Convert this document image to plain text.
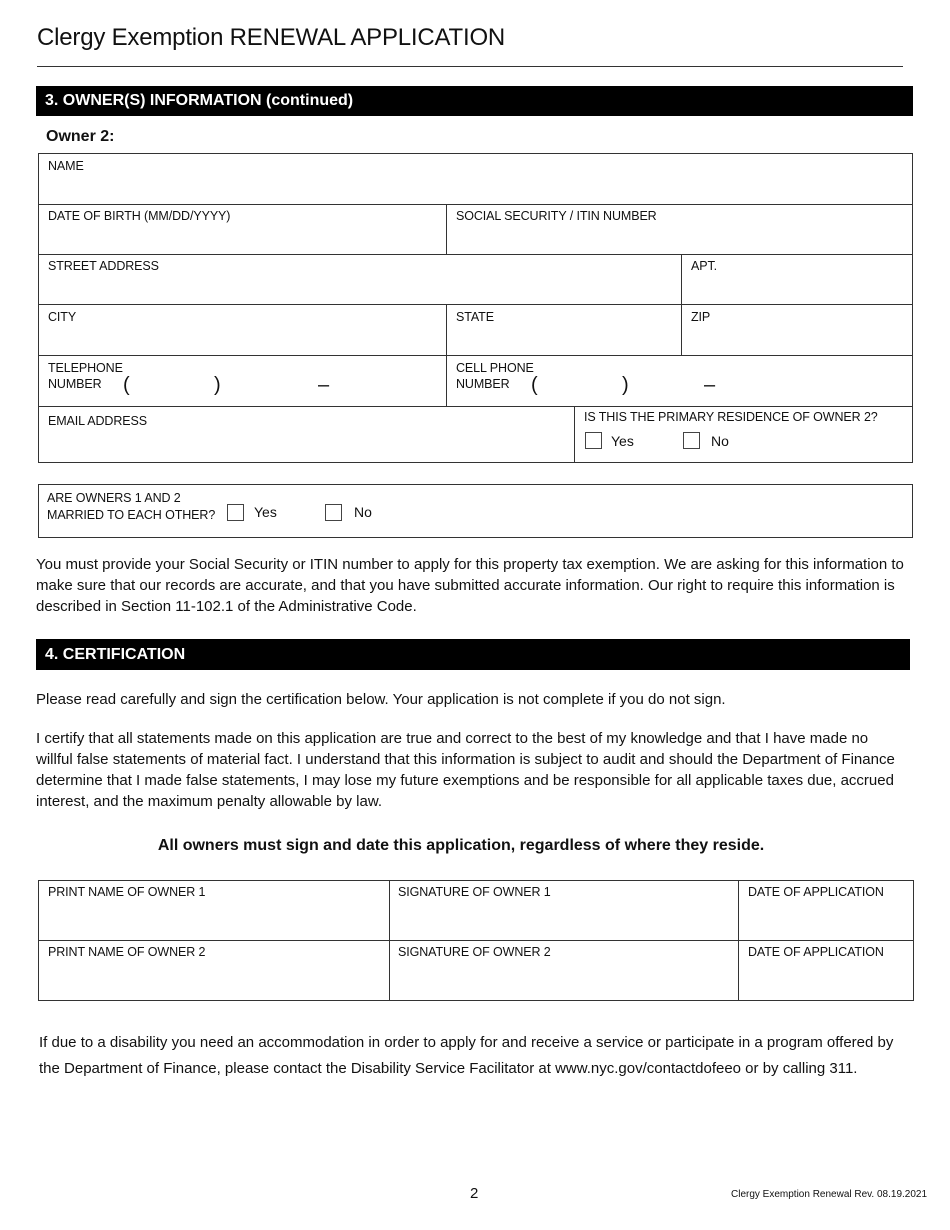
Clergy Exemption RENEWAL APPLICATION
3. OWNER(S) INFORMATION (continued)
Owner 2:
NAME
DATE OF BIRTH (MM/DD/YYYY)	SOCIAL SECURITY / ITIN NUMBER
STREET ADDRESS	APT.
CITY	STATE	ZIP
TELEPHONE
NUMBER (	)	–
CELL PHONE
NUMBER (	)	–
EMAIL ADDRESS	IS THIS THE PRIMARY RESIDENCE OF OWNER 2?
Yes	No
ARE OWNERS 1 AND 2
MARRIED TO EACH OTHER?	Yes	No
You must provide your Social Security or ITIN number to apply for this property tax exemption. We are asking for this information to make sure that our records are accurate, and that you have submitted accurate information. Our right to require this information is described in Section 11-102.1 of the Administrative Code.
4. CERTIFICATION
Please read carefully and sign the certification below. Your application is not complete if you do not sign.
I certify that all statements made on this application are true and correct to the best of my knowledge and that I have made no willful false statements of material fact. I understand that this information is subject to audit and should the Department of Finance determine that I made false statements, I may lose my future exemptions and be responsible for all applicable taxes due, accrued interest, and the maximum penalty allowable by law.
All owners must sign and date this application, regardless of where they reside.
PRINT NAME OF OWNER 1	SIGNATURE OF OWNER 1	DATE OF APPLICATION
PRINT NAME OF OWNER 2	SIGNATURE OF OWNER 2	DATE OF APPLICATION
If due to a disability you need an accommodation in order to apply for and receive a service or participate in a program offered by the Department of Finance, please contact the Disability Service Facilitator at www.nyc.gov/contactdofeeo or by calling 311.
2	Clergy Exemption Renewal Rev. 08.19.2021
